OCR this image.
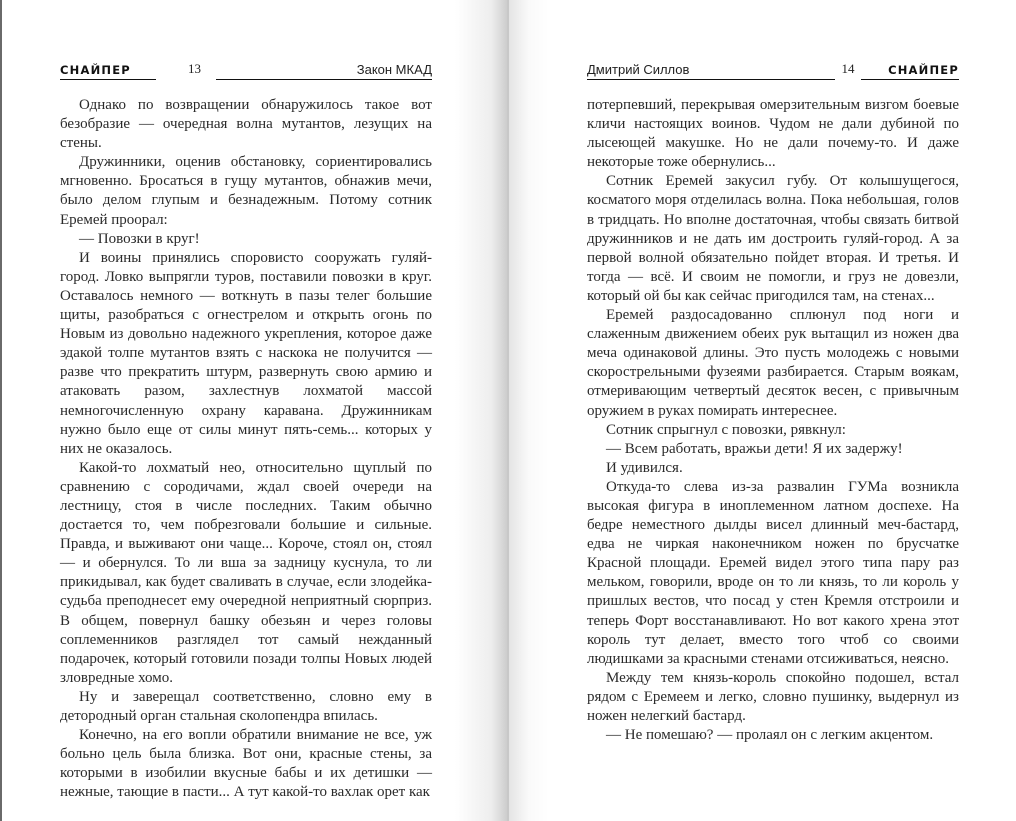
СНАЙПЕР	13	Закон МКАД

Однако по возвращении обнаружилось такое вот безобразие — очередная волна мутантов, лезущих на стены.

Дружинники, оценив обстановку, сориентировались мгновенно. Бросаться в гущу мутантов, обнажив мечи, было делом глупым и безнадежным. Потому сотник Еремей проорал:

— Повозки в круг!

И воины принялись споровисто сооружать гуляй-город. Ловко выпрягли туров, поставили повозки в круг. Оставалось немного — воткнуть в пазы телег большие щиты, разобраться с огнестрелом и открыть огонь по Новым из довольно надежного укрепления, которое даже эдакой толпе мутантов взять с наскока не получится — разве что прекратить штурм, развернуть свою армию и атаковать разом, захлестнув лохматой массой немногочисленную охрану каравана. Дружинникам нужно было еще от силы минут пять-семь... которых у них не оказалось.

Какой-то лохматый нео, относительно щуплый по сравнению с сородичами, ждал своей очереди на лестницу, стоя в числе последних. Таким обычно достается то, чем побрезговали большие и сильные. Правда, и выживают они чаще... Короче, стоял он, стоял — и обернулся. То ли вша за задницу куснула, то ли прикидывал, как будет сваливать в случае, если злодейка-судьба преподнесет ему очередной неприятный сюрприз. В общем, повернул башку обезьян и через головы соплеменников разглядел тот самый нежданный подарочек, который готовили позади толпы Новых людей зловредные хомо.

Ну и заверещал соответственно, словно ему в детородный орган стальная сколопендра впилась.

Конечно, на его вопли обратили внимание не все, уж больно цель была близка. Вот они, красные стены, за которыми в изобилии вкусные бабы и их детишки — нежные, тающие в пасти... А тут какой-то вахлак орет как

Дмитрий Силлов	14	СНАЙПЕР

потерпевший, перекрывая омерзительным визгом боевые кличи настоящих воинов. Чудом не дали дубиной по лысеющей макушке. Но не дали почему-то. И даже некоторые тоже обернулись...

Сотник Еремей закусил губу. От колышущегося, косматого моря отделилась волна. Пока небольшая, голов в тридцать. Но вполне достаточная, чтобы связать битвой дружинников и не дать им достроить гуляй-город. А за первой волной обязательно пойдет вторая. И третья. И тогда — всё. И своим не помогли, и груз не довезли, который ой бы как сейчас пригодился там, на стенах...

Еремей раздосадованно сплюнул под ноги и слаженным движением обеих рук вытащил из ножен два меча одинаковой длины. Это пусть молодежь с новыми скорострельными фузеями разбирается. Старым воякам, отмеривающим четвертый десяток весен, с привычным оружием в руках помирать интереснее.

Сотник спрыгнул с повозки, рявкнул:

— Всем работать, вражьи дети! Я их задержу!

И удивился.

Откуда-то слева из-за развалин ГУМа возникла высокая фигура в иноплеменном латном доспехе. На бедре неместного дылды висел длинный меч-бастард, едва не чиркая наконечником ножен по брусчатке Красной площади. Еремей видел этого типа пару раз мельком, говорили, вроде он то ли князь, то ли король у пришлых вестов, что посад у стен Кремля отстроили и теперь Форт восстанавливают. Но вот какого хрена этот король тут делает, вместо того чтоб со своими людишками за красными стенами отсиживаться, неясно.

Между тем князь-король спокойно подошел, встал рядом с Еремеем и легко, словно пушинку, выдернул из ножен нелегкий бастард.

— Не помешаю? — пролаял он с легким акцентом.
